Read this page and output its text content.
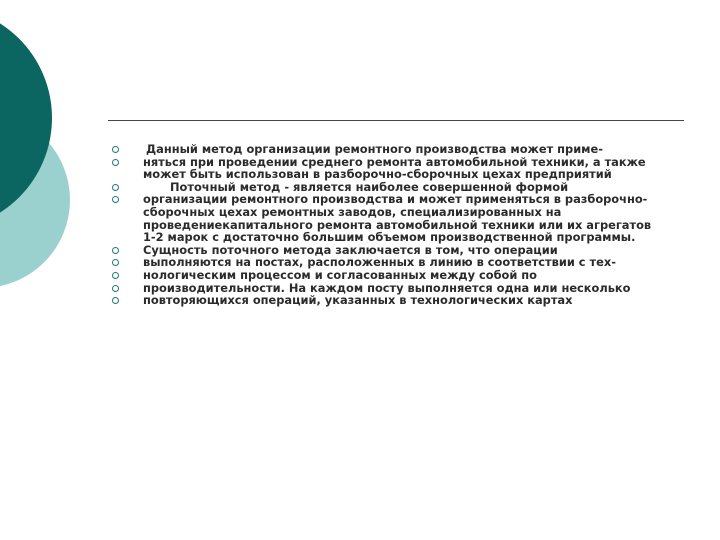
Данный метод организации ремонтного производства может приме-
няться при проведении среднего ремонта автомобильной техники, а также
может быть использован в разборочно-сборочных цехах предприятий
Поточный метод - является наиболее совершенной формой
организации ремонтного производства и может применяться в разборочно-
сборочных цехах ремонтных заводов, специализированных на
проведениекапитального ремонта автомобильной техники или их агрегатов
1-2 марок с достаточно большим объемом производственной программы.
Сущность поточного метода заключается в том, что операции
выполняются на постах, расположенных в линию в соответствии с тех-
нологическим процессом и согласованных между собой по
производительности. На каждом посту выполняется одна или несколько
повторяющихся операций, указанных в технологических картах
